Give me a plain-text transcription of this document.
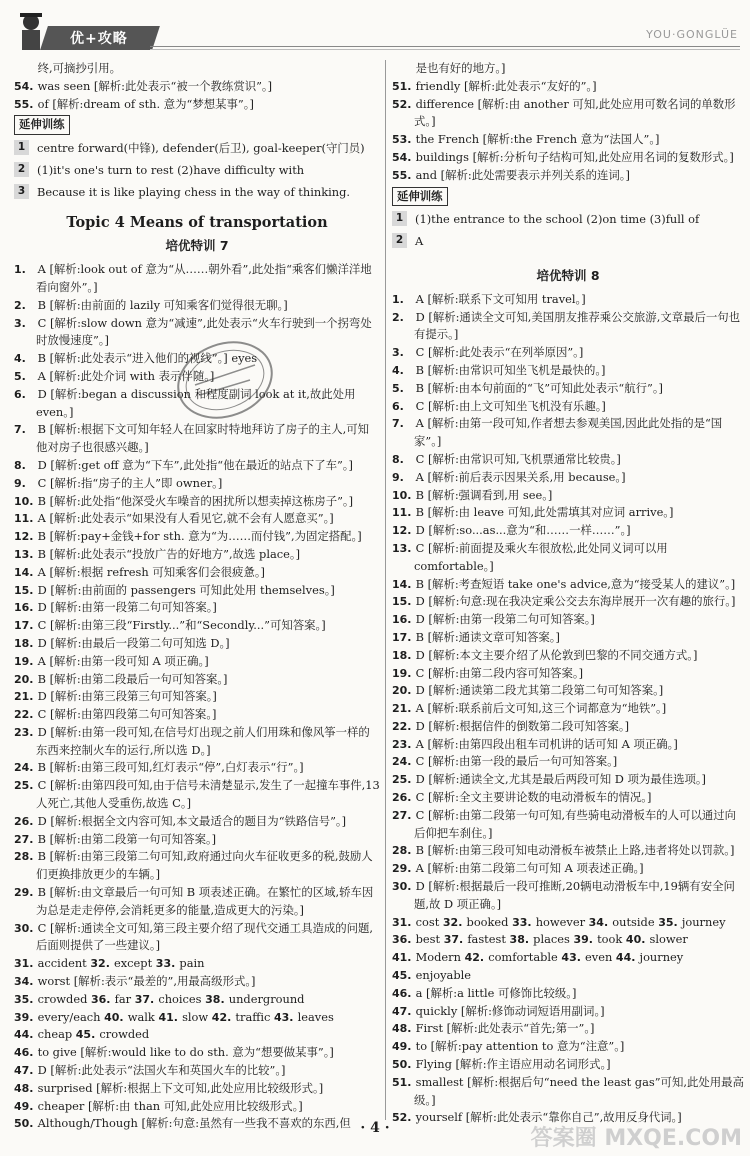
优+攻略	YOU·GONGLÜE

终,可摘抄引用。

54. was seen [解析:此处表示“被一个教练赏识”。]

55. of [解析:dream of sth. 意为“梦想某事”。]

延伸训练
1	centre forward(中锋), defender(后卫), goal-keeper(守门员)
2	(1)it's one's turn to rest (2)have difficulty with
3	Because it is like playing chess in the way of thinking.
Topic 4 Means of transportation
培优特训 7

1. A [解析:look out of 意为“从……朝外看”,此处指“乘客们懒洋洋地看向窗外”。]

2. B [解析:由前面的 lazily 可知乘客们觉得很无聊。]

3. C [解析:slow down 意为“减速”,此处表示“火车行驶到一个拐弯处时放慢速度”。]

4. B [解析:此处表示“进入他们的视线”。] eyes

5. A [解析:此处介词 with 表示伴随。]

6. D [解析:began a discussion 和程度副词 look at it,故此处用 even。]

7. B [解析:根据下文可知年轻人在回家时特地拜访了房子的主人,可知他对房子也很感兴趣。]

8. D [解析:get off 意为“下车”,此处指“他在最近的站点下了车”。]

9. C [解析:指“房子的主人”即 owner。]

10. B [解析:此处指“他深受火车噪音的困扰所以想卖掉这栋房子”。]

11. A [解析:此处表示“如果没有人看见它,就不会有人愿意买”。]

12. B [解析:pay+金钱+for sth. 意为“为……而付钱”,为固定搭配。]

13. B [解析:此处表示“投放广告的好地方”,故选 place。]

14. A [解析:根据 refresh 可知乘客们会很疲惫。]

15. D [解析:由前面的 passengers 可知此处用 themselves。]

16. D [解析:由第一段第二句可知答案。]

17. C [解析:由第三段“Firstly...”和“Secondly...”可知答案。]

18. D [解析:由最后一段第二句可知选 D。]

19. A [解析:由第一段可知 A 项正确。]

20. B [解析:由第二段最后一句可知答案。]

21. D [解析:由第三段第三句可知答案。]

22. C [解析:由第四段第二句可知答案。]

23. D [解析:由第一段可知,在信号灯出现之前人们用珠和像风筝一样的东西来控制火车的运行,所以选 D。]

24. B [解析:由第三段可知,红灯表示“停”,白灯表示“行”。]

25. C [解析:由第四段可知,由于信号未清楚显示,发生了一起撞车事件,13人死亡,其他人受重伤,故选 C。]

26. D [解析:根据全文内容可知,本文最适合的题目为“铁路信号”。]

27. B [解析:由第二段第一句可知答案。]

28. B [解析:由第三段第二句可知,政府通过向火车征收更多的税,鼓励人们更换排放更少的车辆。]

29. B [解析:由文章最后一句可知 B 项表述正确。在繁忙的区域,轿车因为总是走走停停,会消耗更多的能量,造成更大的污染。]

30. C [解析:通读全文可知,第三段主要介绍了现代交通工具造成的问题,后面则提供了一些建议。]

31. accident 32. except 33. pain

34. worst [解析:表示“最差的”,用最高级形式。]

35. crowded 36. far 37. choices 38. underground

39. every/each 40. walk 41. slow 42. traffic 43. leaves

44. cheap 45. crowded

46. to give [解析:would like to do sth. 意为“想要做某事”。]

47. D [解析:此处表示“法国火车和英国火车的比较”。]

48. surprised [解析:根据上下文可知,此处应用比较级形式。]

49. cheaper [解析:由 than 可知,此处应用比较级形式。]

50. Although/Though [解析:句意:虽然有一些我不喜欢的东西,但

是也有好的地方。]

51. friendly [解析:此处表示“友好的”。]

52. difference [解析:由 another 可知,此处应用可数名词的单数形式。]

53. the French [解析:the French 意为“法国人”。]

54. buildings [解析:分析句子结构可知,此处应用名词的复数形式。]

55. and [解析:此处需要表示并列关系的连词。]

延伸训练
1	(1)the entrance to the school (2)on time (3)full of
2	A
培优特训 8

1. A [解析:联系下文可知用 travel。]

2. D [解析:通读全文可知,美国朋友推荐乘公交旅游,文章最后一句也有提示。]

3. C [解析:此处表示“在列举原因”。]

4. B [解析:由常识可知坐飞机是最快的。]

5. B [解析:由本句前面的“飞”可知此处表示“航行”。]

6. C [解析:由上文可知坐飞机没有乐趣。]

7. A [解析:由第一段可知,作者想去参观美国,因此此处指的是“国家”。]

8. C [解析:由常识可知,飞机票通常比较贵。]

9. A [解析:前后表示因果关系,用 because。]

10. B [解析:强调看到,用 see。]

11. B [解析:由 leave 可知,此处需填其对应词 arrive。]

12. D [解析:so...as...意为“和……一样……”。]

13. C [解析:前面提及乘火车很放松,此处同义词可以用 comfortable。]

14. B [解析:考查短语 take one's advice,意为“接受某人的建议”。]

15. D [解析:句意:现在我决定乘公交去东海岸展开一次有趣的旅行。]

16. D [解析:由第一段第二句可知答案。]

17. B [解析:通读文章可知答案。]

18. D [解析:本文主要介绍了从伦敦到巴黎的不同交通方式。]

19. C [解析:由第二段内容可知答案。]

20. D [解析:通读第二段尤其第二段第二句可知答案。]

21. A [解析:联系前后文可知,这三个词都意为“地铁”。]

22. D [解析:根据信件的倒数第二段可知答案。]

23. A [解析:由第四段出租车司机讲的话可知 A 项正确。]

24. C [解析:由第一段的最后一句可知答案。]

25. D [解析:通读全文,尤其是最后两段可知 D 项为最佳选项。]

26. C [解析:全文主要讲论数的电动滑板车的情况。]

27. C [解析:由第二段第一句可知,有些骑电动滑板车的人可以通过向后仰把车刹住。]

28. B [解析:由第三段可知电动滑板车被禁止上路,违者将处以罚款。]

29. A [解析:由第二段第二句可知 A 项表述正确。]

30. D [解析:根据最后一段可推断,20辆电动滑板车中,19辆有安全问题,故 D 项正确。]

31. cost 32. booked 33. however 34. outside 35. journey

36. best 37. fastest 38. places 39. took 40. slower

41. Modern 42. comfortable 43. even 44. journey

45. enjoyable

46. a [解析:a little 可修饰比较级。]

47. quickly [解析:修饰动词短语用副词。]

48. First [解析:此处表示“首先;第一”。]

49. to [解析:pay attention to 意为“注意”。]

50. Flying [解析:作主语应用动名词形式。]

51. smallest [解析:根据后句“need the least gas”可知,此处用最高级。]

52. yourself [解析:此处表示“靠你自己”,故用反身代词。]

· 4 ·	答案圈 MXQE.COM
